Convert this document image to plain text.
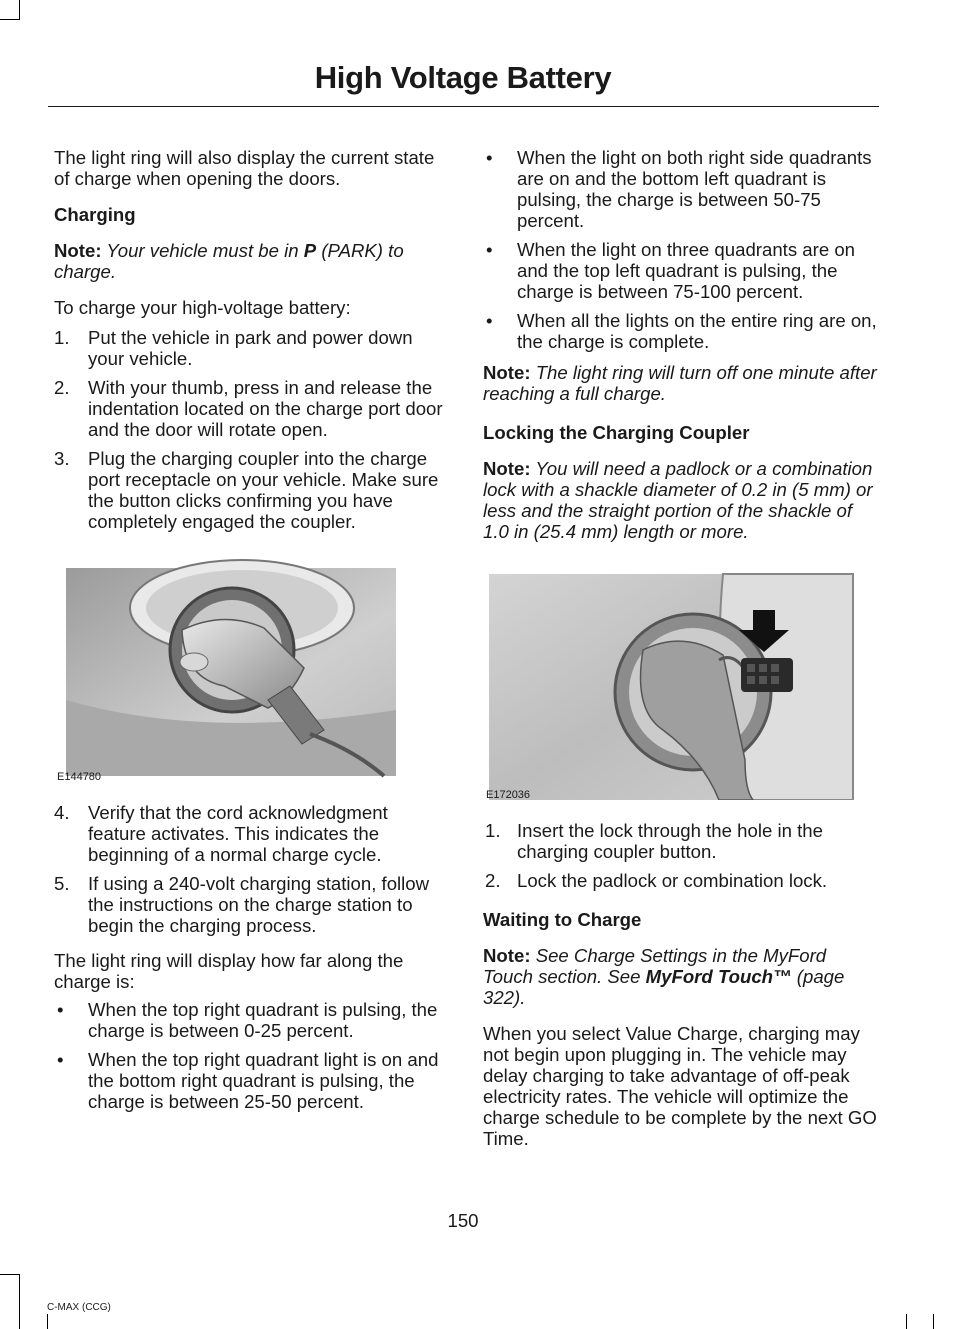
High Voltage Battery

The light ring will also display the current state of charge when opening the doors.

Charging

Note: Your vehicle must be in P (PARK) to charge.

To charge your high-voltage battery:

1. Put the vehicle in park and power down your vehicle.
2. With your thumb, press in and release the indentation located on the charge port door and the door will rotate open.
3. Plug the charging coupler into the charge port receptacle on your vehicle. Make sure the button clicks confirming you have completely engaged the coupler.
E144780
4. Verify that the cord acknowledgment feature activates. This indicates the beginning of a normal charge cycle.
5. If using a 240-volt charging station, follow the instructions on the charge station to begin the charging process.

The light ring will display how far along the charge is:

• When the top right quadrant is pulsing, the charge is between 0-25 percent.
• When the top right quadrant light is on and the bottom right quadrant is pulsing, the charge is between 25-50 percent.
• When the light on both right side quadrants are on and the bottom left quadrant is pulsing, the charge is between 50-75 percent.
• When the light on three quadrants are on and the top left quadrant is pulsing, the charge is between 75-100 percent.
• When all the lights on the entire ring are on, the charge is complete.

Note: The light ring will turn off one minute after reaching a full charge.

Locking the Charging Coupler

Note: You will need a padlock or a combination lock with a shackle diameter of 0.2 in (5 mm) or less and the straight portion of the shackle of 1.0 in (25.4 mm) length or more.

E172036
1. Insert the lock through the hole in the charging coupler button.
2. Lock the padlock or combination lock.
Waiting to Charge

Note: See Charge Settings in the MyFord Touch section. See MyFord Touch™ (page 322).

When you select Value Charge, charging may not begin upon plugging in. The vehicle may delay charging to take advantage of off-peak electricity rates. The vehicle will optimize the charge schedule to be complete by the next GO Time.

150
C-MAX (CCG)
